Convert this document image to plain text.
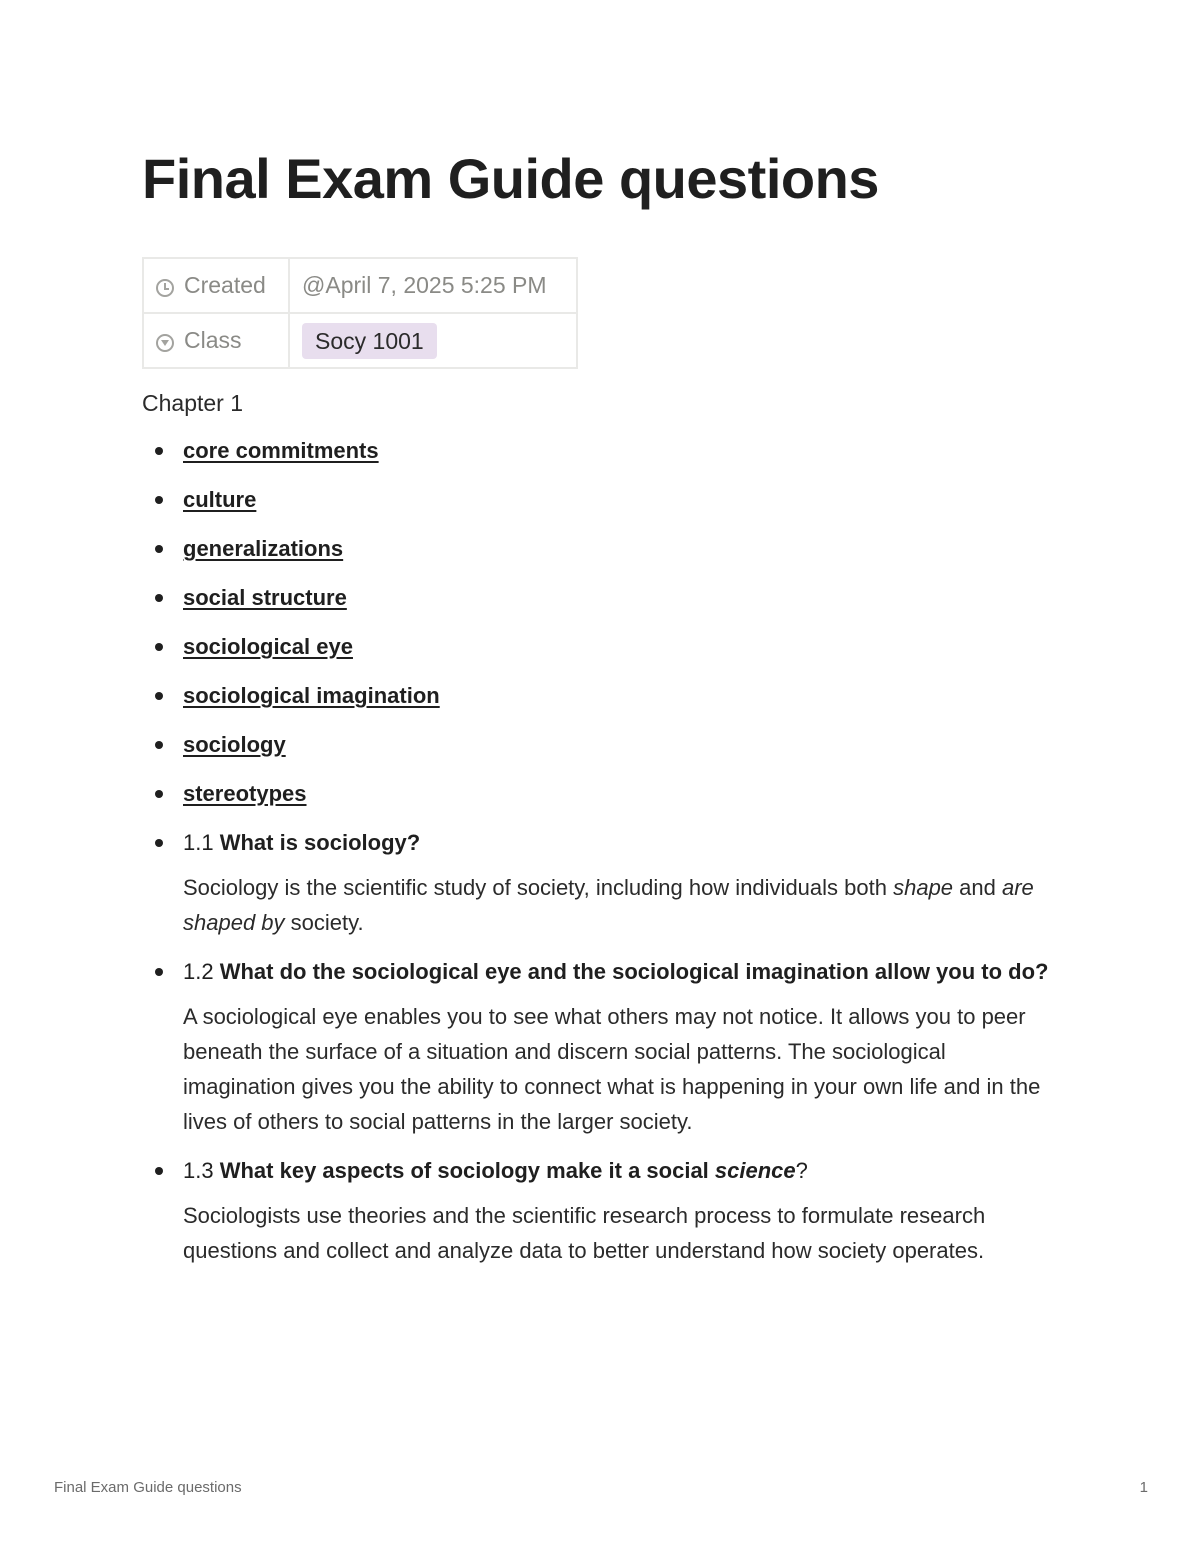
Final Exam Guide questions
Created	@April 7, 2025 5:25 PM
Class	Socy 1001

Chapter 1

core commitments
culture
generalizations
social structure
sociological eye
sociological imagination
sociology
stereotypes
1.1 What is sociology?

Sociology is the scientific study of society, including how individuals both shape and are shaped by society.

1.2 What do the sociological eye and the sociological imagination allow you to do?

A sociological eye enables you to see what others may not notice. It allows you to peer beneath the surface of a situation and discern social patterns. The sociological imagination gives you the ability to connect what is happening in your own life and in the lives of others to social patterns in the larger society.

1.3 What key aspects of sociology make it a social science?

Sociologists use theories and the scientific research process to formulate research questions and collect and analyze data to better understand how society operates.

Final Exam Guide questions	1
